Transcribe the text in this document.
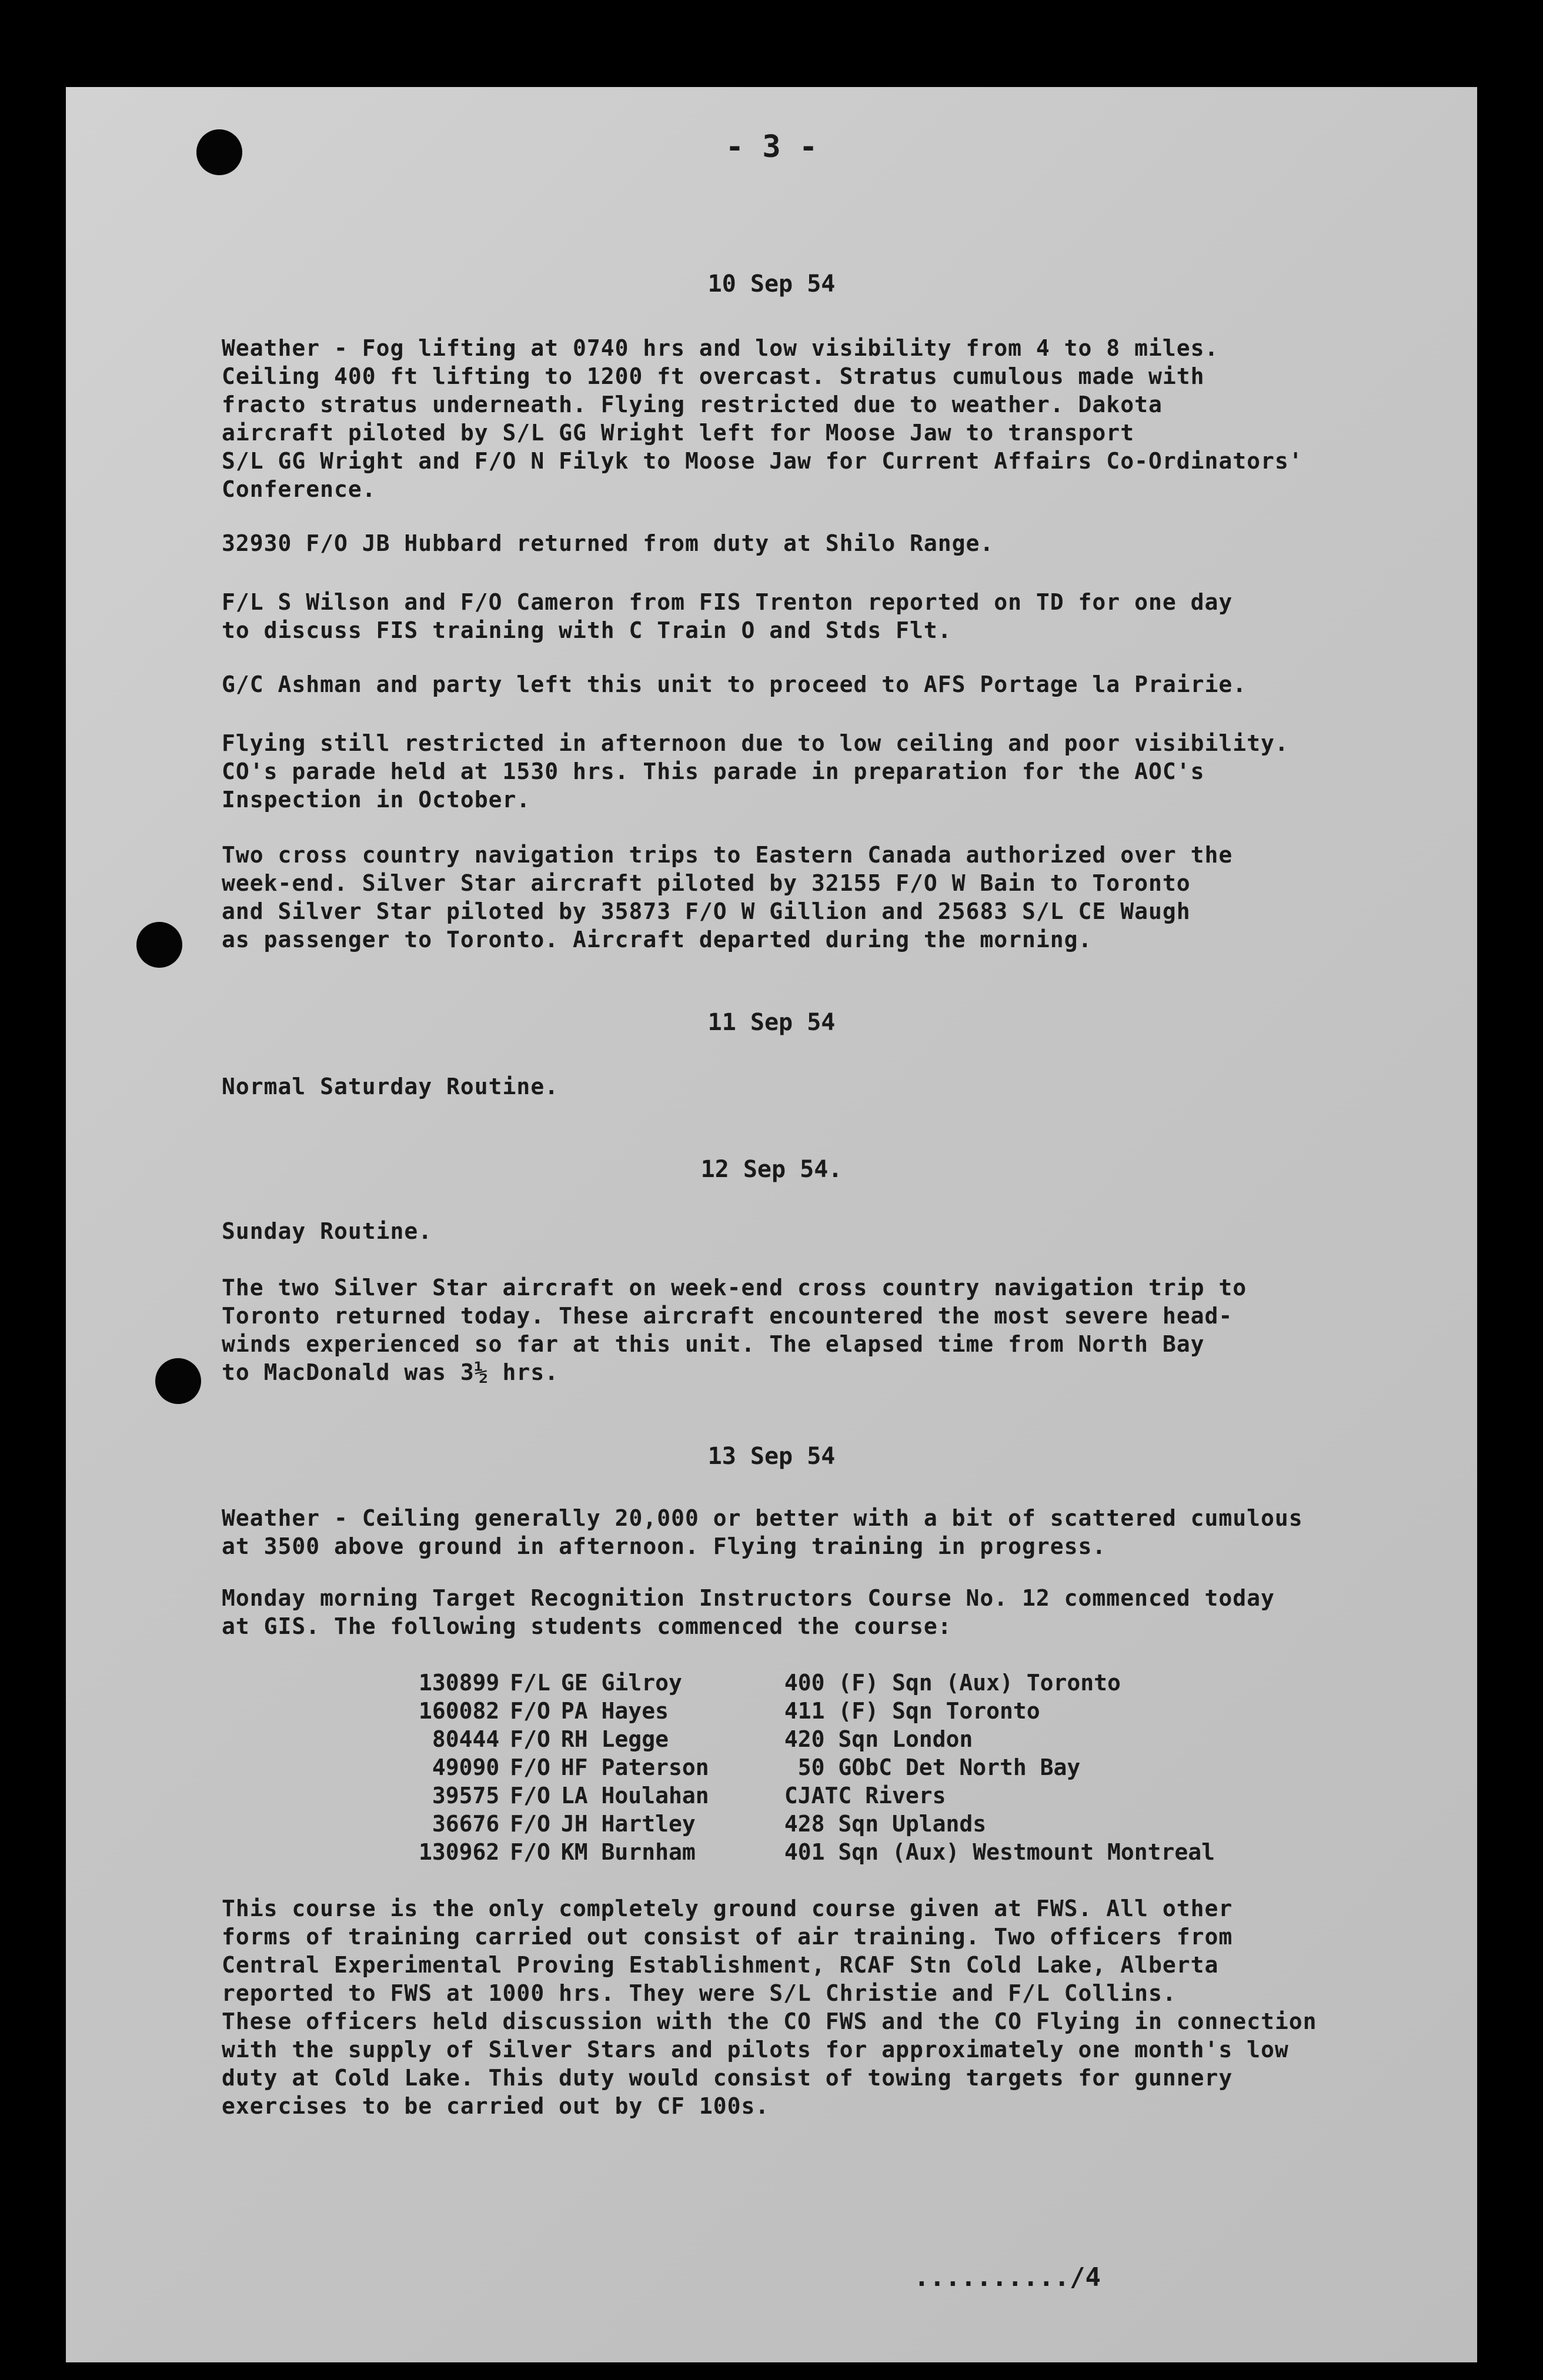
- 3 -
10 Sep 54
Weather - Fog lifting at 0740 hrs and low visibility from 4 to 8 miles.
Ceiling 400 ft lifting to 1200 ft overcast. Stratus cumulous made with
fracto stratus underneath. Flying restricted due to weather. Dakota
aircraft piloted by S/L GG Wright left for Moose Jaw to transport
S/L GG Wright and F/O N Filyk to Moose Jaw for Current Affairs Co-Ordinators'
Conference.
32930 F/O JB Hubbard returned from duty at Shilo Range.
F/L S Wilson and F/O Cameron from FIS Trenton reported on TD for one day
to discuss FIS training with C Train O and Stds Flt.
G/C Ashman and party left this unit to proceed to AFS Portage la Prairie.
Flying still restricted in afternoon due to low ceiling and poor visibility.
CO's parade held at 1530 hrs. This parade in preparation for the AOC's
Inspection in October.
Two cross country navigation trips to Eastern Canada authorized over the
week-end. Silver Star aircraft piloted by 32155 F/O W Bain to Toronto
and Silver Star piloted by 35873 F/O W Gillion and 25683 S/L CE Waugh
as passenger to Toronto. Aircraft departed during the morning.
11 Sep 54
Normal Saturday Routine.
12 Sep 54.
Sunday Routine.
The two Silver Star aircraft on week-end cross country navigation trip to
Toronto returned today. These aircraft encountered the most severe head-
winds experienced so far at this unit. The elapsed time from North Bay
to MacDonald was 3½ hrs.
13 Sep 54
Weather - Ceiling generally 20,000 or better with a bit of scattered cumulous
at 3500 above ground in afternoon. Flying training in progress.
Monday morning Target Recognition Instructors Course No. 12 commenced today
at GIS. The following students commenced the course:
130899	F/L	GE Gilroy	400 (F) Sqn (Aux) Toronto
160082	F/O	PA Hayes	411 (F) Sqn Toronto
80444	F/O	RH Legge	420 Sqn London
49090	F/O	HF Paterson	50 GObC Det North Bay
39575	F/O	LA Houlahan	CJATC Rivers
36676	F/O	JH Hartley	428 Sqn Uplands
130962	F/O	KM Burnham	401 Sqn (Aux) Westmount Montreal
This course is the only completely ground course given at FWS. All other
forms of training carried out consist of air training. Two officers from
Central Experimental Proving Establishment, RCAF Stn Cold Lake, Alberta
reported to FWS at 1000 hrs. They were S/L Christie and F/L Collins.
These officers held discussion with the CO FWS and the CO Flying in connection
with the supply of Silver Stars and pilots for approximately one month's low
duty at Cold Lake. This duty would consist of towing targets for gunnery
exercises to be carried out by CF 100s.
........../4
